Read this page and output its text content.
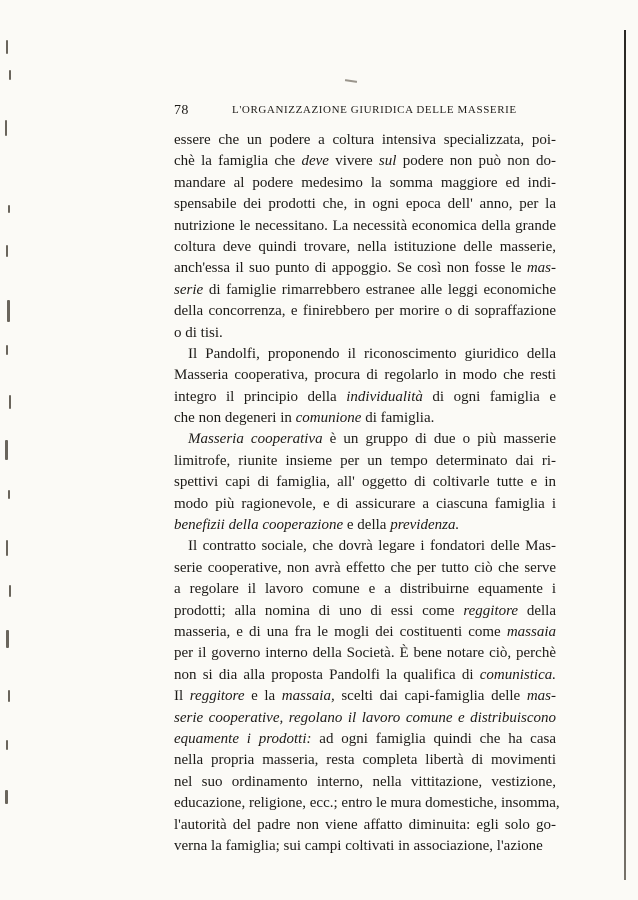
78	L'ORGANIZZAZIONE GIURIDICA DELLE MASSERIE
essere che un podere a coltura intensiva specializzata, poi-
chè la famiglia che deve vivere sul podere non può non do-
mandare al podere medesimo la somma maggiore ed indi-
spensabile dei prodotti che, in ogni epoca dell' anno, per la
nutrizione le necessitano. La necessità economica della grande
coltura deve quindi trovare, nella istituzione delle masserie,
anch'essa il suo punto di appoggio. Se così non fosse le mas-
serie di famiglie rimarrebbero estranee alle leggi economiche
della concorrenza, e finirebbero per morire o di sopraffazione
o di tisi.
Il Pandolfi, proponendo il riconoscimento giuridico della
Masseria cooperativa, procura di regolarlo in modo che resti
integro il principio della individualità di ogni famiglia e
che non degeneri in comunione di famiglia.
Masseria cooperativa è un gruppo di due o più masserie
limitrofe, riunite insieme per un tempo determinato dai ri-
spettivi capi di famiglia, all' oggetto di coltivarle tutte e in
modo più ragionevole, e di assicurare a ciascuna famiglia i
benefizii della cooperazione e della previdenza.
Il contratto sociale, che dovrà legare i fondatori delle Mas-
serie cooperative, non avrà effetto che per tutto ciò che serve
a regolare il lavoro comune e a distribuirne equamente i
prodotti; alla nomina di uno di essi come reggitore della
masseria, e di una fra le mogli dei costituenti come massaia
per il governo interno della Società. È bene notare ciò, perchè
non si dia alla proposta Pandolfi la qualifica di comunistica.
Il reggitore e la massaia, scelti dai capi-famiglia delle mas-
serie cooperative, regolano il lavoro comune e distribuiscono
equamente i prodotti: ad ogni famiglia quindi che ha casa
nella propria masseria, resta completa libertà di movimenti
nel suo ordinamento interno, nella vittitazione, vestizione,
educazione, religione, ecc.; entro le mura domestiche, insomma,
l'autorità del padre non viene affatto diminuita: egli solo go-
verna la famiglia; sui campi coltivati in associazione, l'azione
